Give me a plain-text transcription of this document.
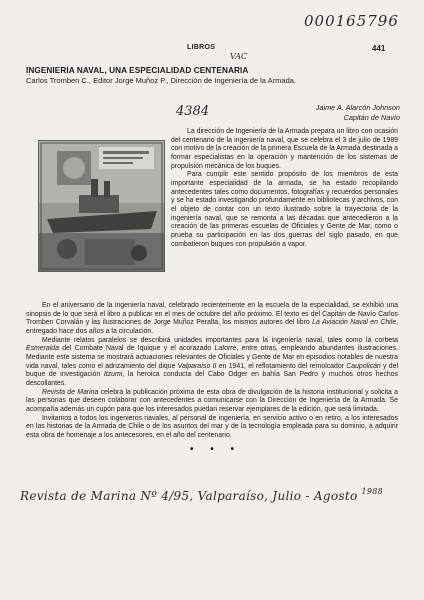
000165796
VAC
LIBROS	441
INGENIERIA NAVAL, UNA ESPECIALIDAD CENTENARIA
Carlos Tromben C., Editor Jorge Muñoz P., Dirección de Ingeniería de la Armada.
4384	Jaime A. Alarcón Johnson
Capitán de Navío

La dirección de Ingeniería de la Armada prepara un libro con ocasión del centenario de la ingeniería naval, que se celebra el 3 de julio de 1989 con motivo de la creación de la primera Escuela de la Armada destinada a formar especialistas en la operación y mantención de los sistemas de propulsión mecánica de los buques.

Para cumplir este sentido propósito de los miembros de esta importante especialidad de la armada, se ha estado recopilando antecedentes tales como documentos, fotografías y recuerdos personales y se ha estado investigando profundamente en bibliotecas y archivos, con el objeto de contar con un texto ilustrado sobre la trayectoria de la ingeniería naval, que se remonta a las décadas que antecedieron a la creación de las primeras escuelas de Oficiales y Gente de Mar, como o prueba su participación en las dos guerras del siglo pasado, en que combatieron buques con propulsión a vapor.

En el aniversario de la ingeniería naval, celebrado recientemente en la escuela de la especialidad, se exhibió una sinopsis de lo que será el libro a publicar en el mes de octubre del año próximo. El texto es del Capitán de Navío Carlos Tromben Corvalán y las ilustraciones de Jorge Muñoz Peralta, los mismos autores del libro La Aviación Naval en Chile, entregado hace dos años a la circulación.

Mediante relatos paralelos se describirá unidades importantes para la ingeniería naval, tales como la corbeta Esmeralda del Combate Naval de Iquique y el acorazado Latorre, entre otras, empleando abundantes ilustraciones. Mediante este sistema se mostrará actuaciones relevantes de Oficiales y Gente de Mar en episodios notables de nuestra vida naval, tales como el adrizamiento del dique Valparaíso II en 1941, el reflotamiento del remolcador Caupolicán y del buque de investigación Itzumi, la heroica conducta del Cabo Odger en bahía San Pedro y muchos otros hechos descollantes.

Revista de Marina celebra la publicación próxima de esta obra de divulgación de la historia institucional y solicita a las personas que deseen colaborar con antecedentes a comunicarse con la Dirección de Ingeniería de la Armada. Se acompaña además un cupón para que los interesados puedan reservar ejemplares de la edición, que será limitada.

Invitamos a todos los ingenieros navales, al personal de ingeniería, en servicio activo o en retiro, a los interesados en las historias de la Armada de Chile o de los asuntos del mar y de la tecnología empleada para su dominio, a adquirir esta obra de homenaje a los antecesores, en el año del centenario.

• • •
Revista de Marina Nº 4/95, Valparaíso, Julio - Agosto $^{1988}$
